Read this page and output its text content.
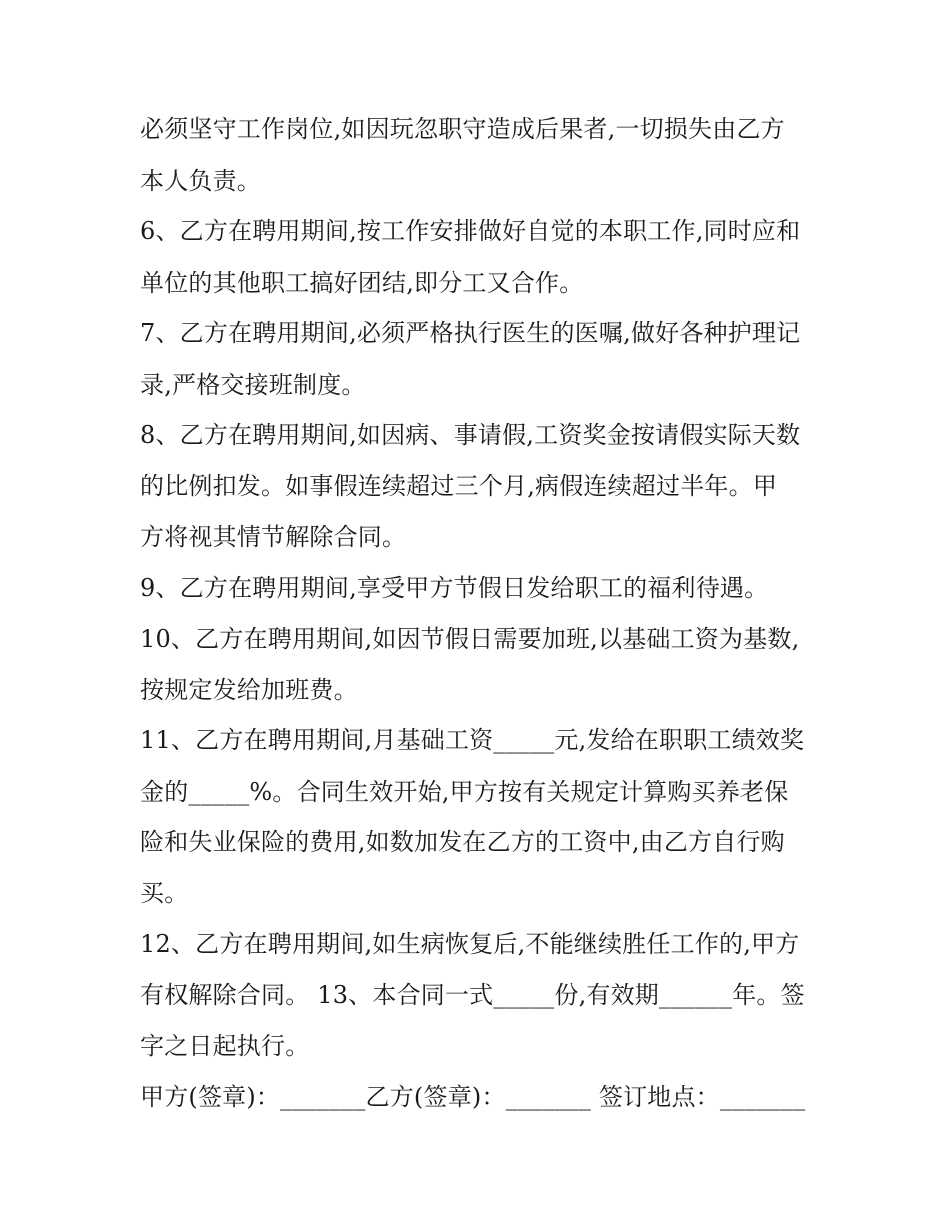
必须坚守工作岗位,如因玩忽职守造成后果者,一切损失由乙方
本人负责。
6、乙方在聘用期间,按工作安排做好自觉的本职工作,同时应和
单位的其他职工搞好团结,即分工又合作。
7、乙方在聘用期间,必须严格执行医生的医嘱,做好各种护理记
录,严格交接班制度。
8、乙方在聘用期间,如因病、事请假,工资奖金按请假实际天数
的比例扣发。如事假连续超过三个月,病假连续超过半年。甲
方将视其情节解除合同。
9、乙方在聘用期间,享受甲方节假日发给职工的福利待遇。
10、乙方在聘用期间,如因节假日需要加班,以基础工资为基数,
按规定发给加班费。
11、乙方在聘用期间,月基础工资_____元,发给在职职工绩效奖
金的_____%。合同生效开始,甲方按有关规定计算购买养老保
险和失业保险的费用,如数加发在乙方的工资中,由乙方自行购
买。
12、乙方在聘用期间,如生病恢复后,不能继续胜任工作的,甲方
有权解除合同。 13、本合同一式_____份,有效期______年。签
字之日起执行。
甲方(签章)：_______乙方(签章)：_______ 签订地点：_______
